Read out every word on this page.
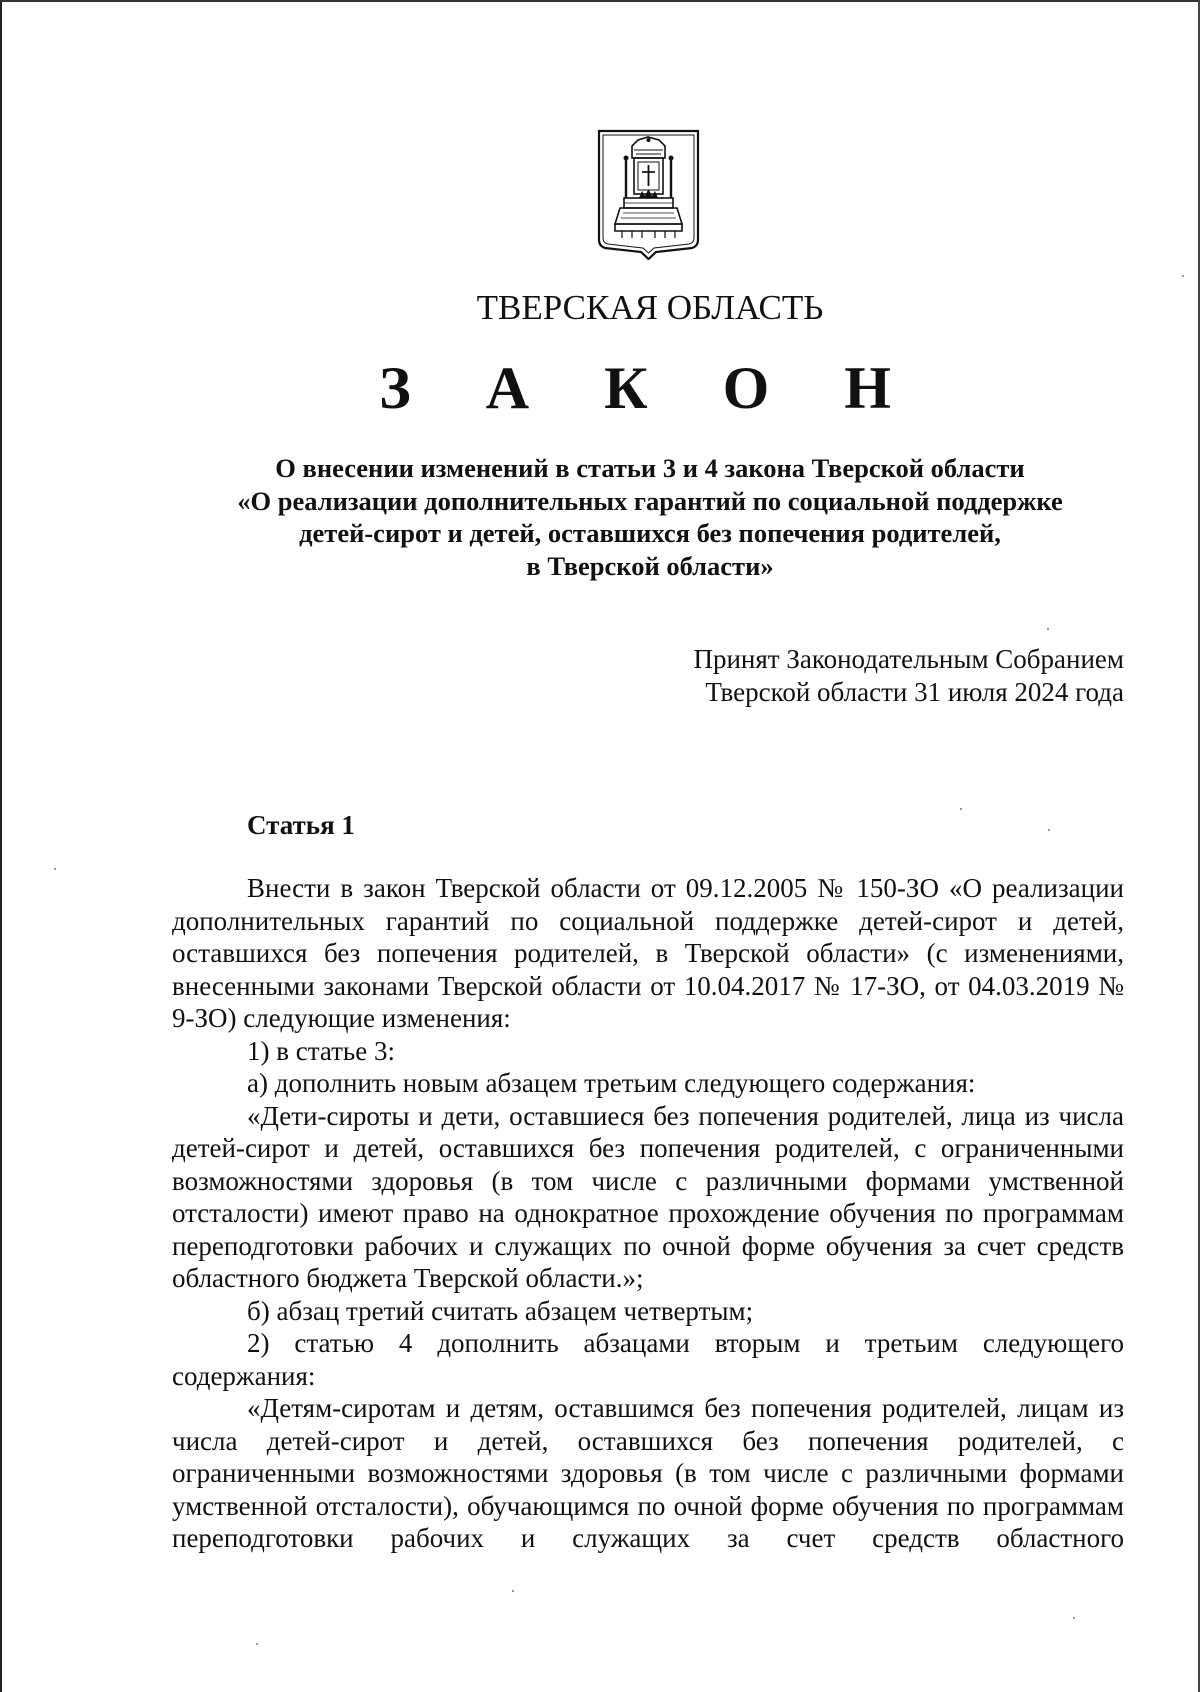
ТВЕРСКАЯ ОБЛАСТЬ
З А К О Н
О внесении изменений в статьи 3 и 4 закона Тверской области
«О реализации дополнительных гарантий по социальной поддержке
детей-сирот и детей, оставшихся без попечения родителей,
в Тверской области»
Принят Законодательным Собранием
Тверской области 31 июля 2024 года
Статья 1

Внести в закон Тверской области от 09.12.2005 № 150-ЗО «О реализации дополнительных гарантий по социальной поддержке детей-сирот и детей, оставшихся без попечения родителей, в Тверской области» (с изменениями, внесенными законами Тверской области от 10.04.2017 № 17-ЗО, от 04.03.2019 № 9-ЗО) следующие изменения:

1) в статье 3:

а) дополнить новым абзацем третьим следующего содержания:

«Дети-сироты и дети, оставшиеся без попечения родителей, лица из числа детей-сирот и детей, оставшихся без попечения родителей, с ограниченными возможностями здоровья (в том числе с различными формами умственной отсталости) имеют право на однократное прохождение обучения по программам переподготовки рабочих и служащих по очной форме обучения за счет средств областного бюджета Тверской области.»;

б) абзац третий считать абзацем четвертым;

2) статью 4 дополнить абзацами вторым и третьим следующего содержания:

«Детям-сиротам и детям, оставшимся без попечения родителей, лицам из числа детей-сирот и детей, оставшихся без попечения родителей, с ограниченными возможностями здоровья (в том числе с различными формами умственной отсталости), обучающимся по очной форме обучения по программам переподготовки рабочих и служащих за счет средств областного
